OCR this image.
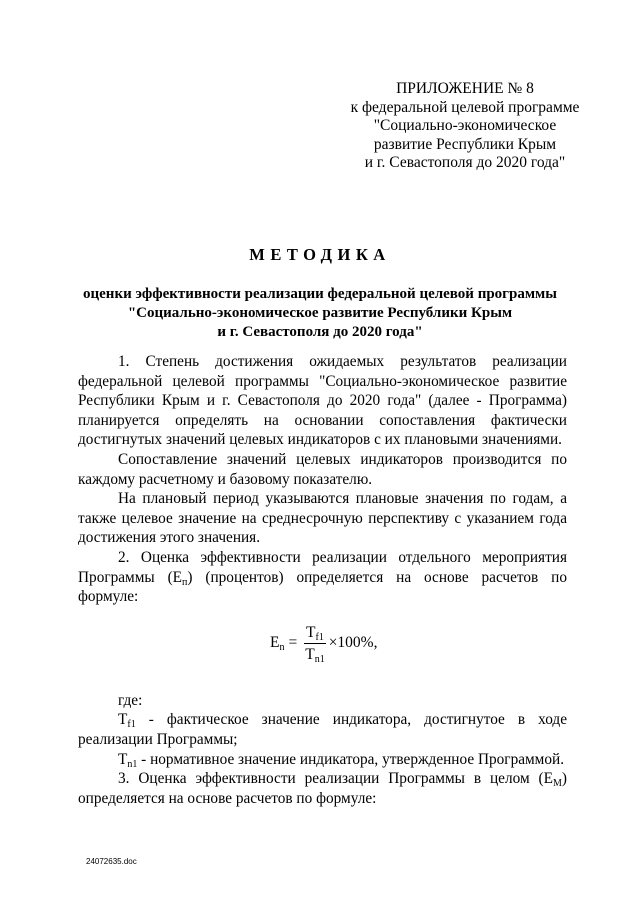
ПРИЛОЖЕНИЕ № 8
к федеральной целевой программе
"Социально-экономическое
развитие Республики Крым
и г. Севастополя до 2020 года"
МЕТОДИКА
оценки эффективности реализации федеральной целевой программы
"Социально-экономическое развитие Республики Крым
и г. Севастополя до 2020 года"

1. Степень достижения ожидаемых результатов реализации федеральной целевой программы "Социально-экономическое развитие Республики Крым и г. Севастополя до 2020 года" (далее - Программа) планируется определять на основании сопоставления фактически достигнутых значений целевых индикаторов с их плановыми значениями.

Сопоставление значений целевых индикаторов производится по каждому расчетному и базовому показателю.

На плановый период указываются плановые значения по годам, а также целевое значение на среднесрочную перспективу с указанием года достижения этого значения.

2. Оценка эффективности реализации отдельного мероприятия Программы $(E_п)$ (процентов) определяется на основе расчетов по формуле:

$E_n = \frac{T_{f1}}{T_{n1}} \times 100\%$,

где:

$T_{f1}$ - фактическое значение индикатора, достигнутое в ходе реализации Программы;

$T_{n1}$ - нормативное значение индикатора, утвержденное Программой.

3. Оценка эффективности реализации Программы в целом $(E_M)$ определяется на основе расчетов по формуле:

24072635.doc
